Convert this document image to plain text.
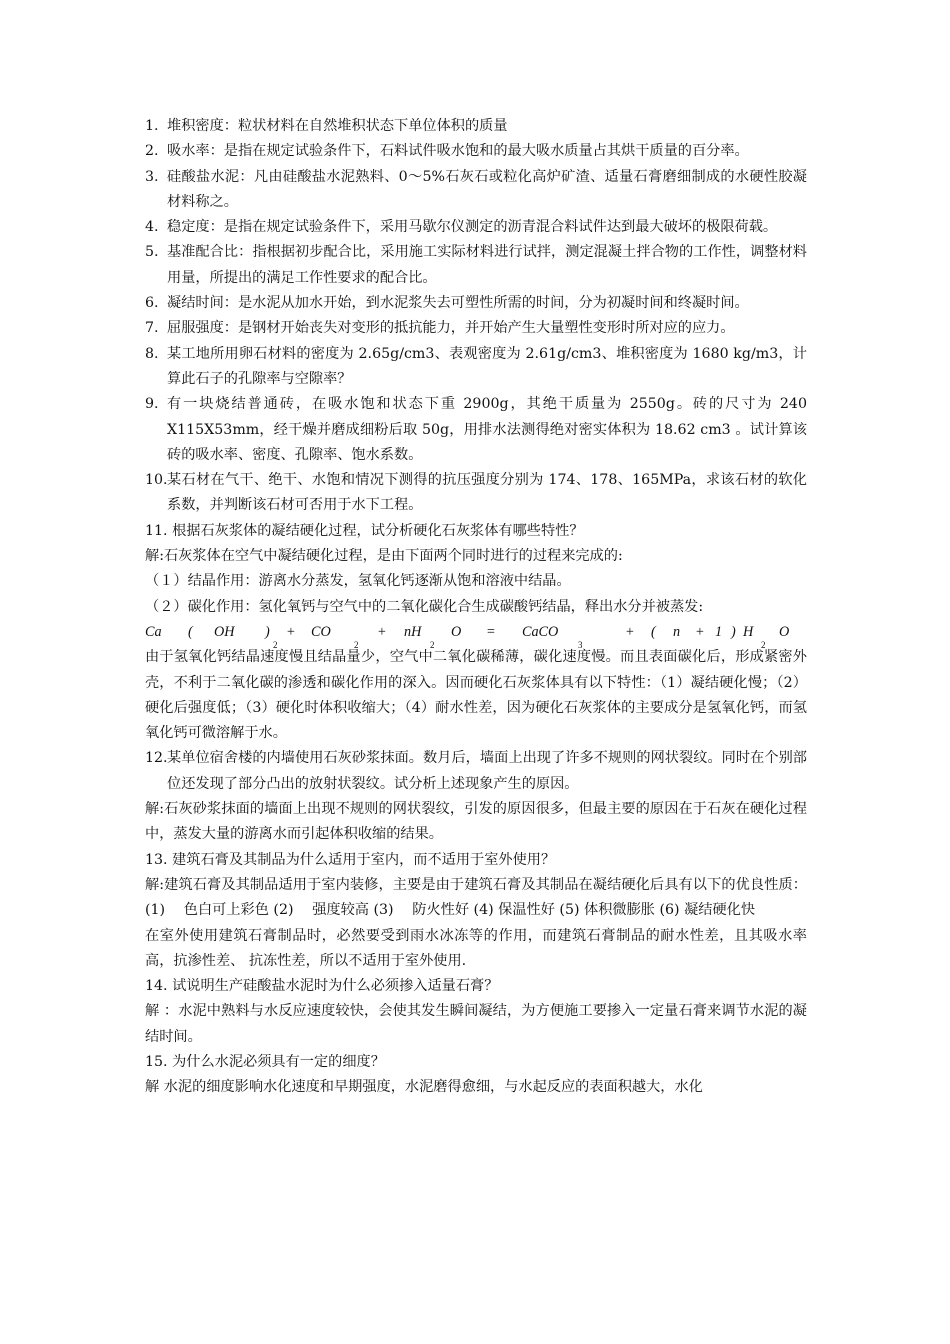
1. 堆积密度：粒状材料在自然堆积状态下单位体积的质量
2. 吸水率：是指在规定试验条件下，石料试件吸水饱和的最大吸水质量占其烘干质量的百分率。
3. 硅酸盐水泥：凡由硅酸盐水泥熟料、0～5%石灰石或粒化高炉矿渣、适量石膏磨细制成的水硬性胶凝材料称之。
4. 稳定度：是指在规定试验条件下，采用马歇尔仪测定的沥青混合料试件达到最大破坏的极限荷载。
5. 基准配合比：指根据初步配合比，采用施工实际材料进行试拌，测定混凝土拌合物的工作性，调整材料用量，所提出的满足工作性要求的配合比。
6. 凝结时间：是水泥从加水开始，到水泥浆失去可塑性所需的时间，分为初凝时间和终凝时间。
7. 屈服强度：是钢材开始丧失对变形的抵抗能力，并开始产生大量塑性变形时所对应的应力。
8. 某工地所用卵石材料的密度为 2.65g/cm3、表观密度为 2.61g/cm3、堆积密度为 1680 kg/m3，计算此石子的孔隙率与空隙率？
9. 有一块烧结普通砖，在吸水饱和状态下重 2900g，其绝干质量为 2550g。砖的尺寸为 240 X115X53mm，经干燥并磨成细粉后取 50g，用排水法测得绝对密实体积为 18.62 cm3 。试计算该砖的吸水率、密度、孔隙率、饱水系数。
10. 某石材在气干、绝干、水饱和情况下测得的抗压强度分别为 174、178、165MPa，求该石材的软化系数，并判断该石材可否用于水下工程。
11. 根据石灰浆体的凝结硬化过程，试分析硬化石灰浆体有哪些特性？
解:石灰浆体在空气中凝结硬化过程，是由下面两个同时进行的过程来完成的:
（１）结晶作用：游离水分蒸发，氢氧化钙逐渐从饱和溶液中结晶。
（２）碳化作用：氢化氧钙与空气中的二氧化碳化合生成碳酸钙结晶，释出水分并被蒸发:
Ca ( OH )
2
+ CO
2
+ nH
2
O = CaCO
3
+ ( n + 1 ) H
2
O
由于氢氧化钙结晶速度慢且结晶量少，空气中二氧化碳稀薄，碳化速度慢。而且表面碳化后，形成紧密外壳，不利于二氧化碳的渗透和碳化作用的深入。因而硬化石灰浆体具有以下特性：（1）凝结硬化慢；（2）硬化后强度低；（3）硬化时体积收缩大；（4）耐水性差，因为硬化石灰浆体的主要成分是氢氧化钙，而氢氧化钙可微溶解于水。
12. 某单位宿舍楼的内墙使用石灰砂浆抹面。数月后，墙面上出现了许多不规则的网状裂纹。同时在个别部位还发现了部分凸出的放射状裂纹。试分析上述现象产生的原因。
解:石灰砂浆抹面的墙面上出现不规则的网状裂纹，引发的原因很多，但最主要的原因在于石灰在硬化过程中，蒸发大量的游离水而引起体积收缩的结果。
13. 建筑石膏及其制品为什么适用于室内，而不适用于室外使用？
解:建筑石膏及其制品适用于室内装修，主要是由于建筑石膏及其制品在凝结硬化后具有以下的优良性质：(1)　 色白可上彩色 (2)　 强度较高 (3)　 防火性好 (4) 保温性好 (5) 体积微膨胀 (6) 凝结硬化快
在室外使用建筑石膏制品时，必然要受到雨水冰冻等的作用，而建筑石膏制品的耐水性差，且其吸水率高，抗渗性差、 抗冻性差，所以不适用于室外使用.
14. 试说明生产硅酸盐水泥时为什么必须掺入适量石膏？
解 ：水泥中熟料与水反应速度较快，会使其发生瞬间凝结，为方便施工要掺入一定量石膏来调节水泥的凝结时间。
15. 为什么水泥必须具有一定的细度？
解 水泥的细度影响水化速度和早期强度，水泥磨得愈细，与水起反应的表面积越大，水化
